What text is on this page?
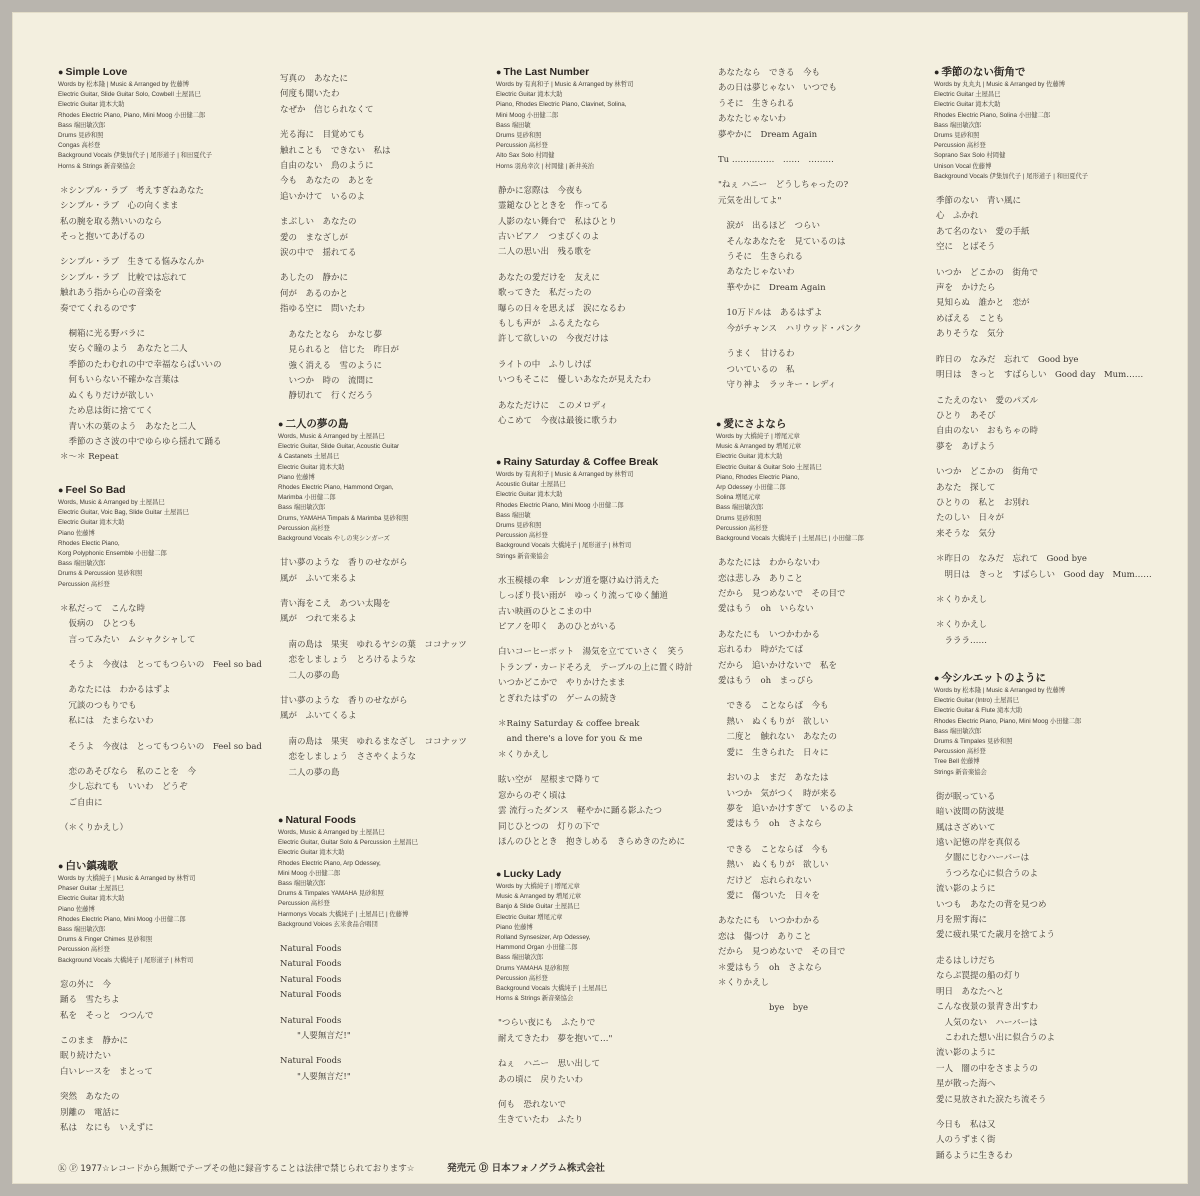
● Simple Love
Words by 松本隆 | Music & Arranged by 佐藤博
Electric Guitar, Slide Guitar Solo, Cowbell 土屋昌巳
Electric Guitar 滝本大助
Rhodes Electric Piano, Piano, Mini Moog 小田健二郎
Bass 端田敏次郎
Drums 見砂和照
Congas 高杉登
Background Vocals 伊集加代子 | 尾形道子 | 和田夏代子
Horns & Strings 新音楽協会
＊シンプル・ラブ　考えすぎねあなた
シンプル・ラブ　心の向くまま
私の腕を取る熱いいのなら
そっと抱いてあげるの
シンプル・ラブ　生きてる悩みなんか
シンプル・ラブ　比較では忘れて
触れあう指から心の音楽を
奏でてくれるのです
　桐箱に光る野バラに
　安らぐ瞳のよう　あなたと二人
　季節のたわむれの中で幸福ならばいいの
　何もいらない不確かな言葉は
　ぬくもりだけが欲しい
　ため息は街に捨ててく
　青い木の葉のよう　あなたと二人
　季節のささ波の中でゆらゆら揺れて踊る
＊〜＊ Repeat
● Feel So Bad
Words, Music & Arranged by 土屋昌巳
Electric Guitar, Voic Bag, Slide Guitar 土屋昌巳
Electric Guitar 滝本大助
Piano 佐藤博
Rhodes Electic Piano,
Korg Polyphonic Ensemble 小田健二郎
Bass 端田敏次郎
Drums & Percussion 見砂和照
Percussion 高杉登
＊私だって　こんな時
　仮病の　ひとつも
　言ってみたい　ムシャクシャして
　そうよ　今夜は　とってもつらいの　Feel so bad
　あなたには　わかるはずよ
　冗談のつもりでも
　私には　たまらないわ
　そうよ　今夜は　とってもつらいの　Feel so bad
　恋のあそびなら　私のことを　今
　少し忘れても　いいわ　どうぞ
　ご自由に
（＊くりかえし）
● 白い鎮魂歌
Words by 大橋純子 | Music & Arranged by 林哲司
Phaser Guitar 土屋昌巳
Electric Guitar 滝本大助
Piano 佐藤博
Rhodes Electric Piano, Mini Moog 小田健二郎
Bass 端田敏次郎
Drums & Finger Chimes 見砂和照
Percussion 高杉登
Background Vocals 大橋純子 | 尾形道子 | 林哲司
窓の外に　今
踊る　雪たちよ
私を　そっと　つつんで
このまま　静かに
眠り続けたい
白いレースを　まとって
突然　あなたの
別離の　電話に
私は　なにも　いえずに
写真の　あなたに
何度も聞いたわ
なぜか　信じられなくて
光る海に　目覚めても
触れことも　できない　私は
自由のない　鳥のように
今も　あなたの　あとを
追いかけて　いるのよ
まぶしい　あなたの
愛の　まなざしが
涙の中で　揺れてる
あしたの　静かに
何が　あるのかと
指ゆる空に　問いたわ
　あなたとなら　かなじ夢
　見られると　信じた　昨日が
　強く消える　雪のように
　いつか　時の　流間に
　静切れて　行くだろう
● 二人の夢の島
Words, Music & Arranged by 土屋昌巳
Electric Guitar, Slide Guitar, Acoustic Guitar
& Castanets 土屋昌巳
Electric Guitar 滝本大助
Piano 佐藤博
Rhodes Electric Piano, Hammond Organ,
Marimba 小田健二郎
Bass 端田敏次郎
Drums, YAMAHA Timpals & Marimba 見砂和照
Percussion 高杉登
Background Vocals やしの実シンガーズ
甘い夢のような　香りのせながら
風が　ふいて来るよ
青い海をこえ　あつい太陽を
風が　つれて来るよ
　南の島は　果実　ゆれるヤシの葉　ココナッツ
　恋をしましょう　とろけるような
　二人の夢の島
甘い夢のような　香りのせながら
風が　ふいてくるよ
　南の島は　果実　ゆれるまなざし　ココナッツ
　恋をしましょう　ささやくような
　二人の夢の島
● Natural Foods
Words, Music & Arranged by 土屋昌巳
Electric Guitar, Guitar Solo & Percussion 土屋昌巳
Electric Guitar 滝本大助
Rhodes Electric Piano, Arp Odessey,
Mini Moog 小田健二郎
Bass 端田敏次郎
Drums & Timpales YAMAHA 見砂和照
Percussion 高杉登
Harmonys Vocals 大橋純子 | 土屋昌巳 | 佐藤博
Background Voices 玄米食品合唱団
Natural Foods
Natural Foods
Natural Foods
Natural Foods
Natural Foods
　　"人要無言だ!"
Natural Foods
　　"人要無言だ!"
● The Last Number
Words by 有真和子 | Music & Arranged by 林哲司
Electric Guitar 滝本大助
Piano, Rhodes Electric Piano, Clavinet, Solina,
Mini Moog 小田健二郎
Bass 端田敏
Drums 見砂和照
Percussion 高杉登
Alto Sax Solo 村岡健
Horns 羽鳥幸次 | 村岡健 | 新井英治
静かに窓際は　今夜も
霊鎚なひとときを　作ってる
人影のない舞台で　私はひとり
古いピアノ　つまびくのよ
二人の思い出　残る歌を
あなたの愛だけを　友えに
歌ってきた　私だったの
曝らの日々を思えば　涙になるわ
もしも声が　ふるえたなら
許して欲しいの　今夜だけは
ライトの中　ふりしけば
いつもそこに　優しいあなたが見えたわ
あなただけに　このメロディ
心こめて　今夜は最後に歌うわ
● Rainy Saturday & Coffee Break
Words by 有真和子 | Music & Arranged by 林哲司
Acoustic Guitar 土屋昌巳
Electric Guitar 滝本大助
Rhodes Electric Piano, Mini Moog 小田健二郎
Bass 端田敏
Drums 見砂和照
Percussion 高杉登
Background Vocals 大橋純子 | 尾形道子 | 林哲司
Strings 新音楽協会
水玉模様の傘　レンガ道を駆けぬけ消えた
しっぽり長い雨が　ゆっくり流ってゆく舗道
古い映画のひとこまの中
ピアノを叩く　あのひとがいる
白いコーヒーポット　湯気を立てていさく　笑う
トランプ・カードそろえ　テーブルの上に置く時計
いつかどこかで　やりかけたまま
とぎれたはずの　ゲームの続き
＊Rainy Saturday & coffee break
　and there's a love for you & me
＊くりかえし
眩い空が　屋根まで降りて
窓からのぞく頃は
雲 流行ったダンス　軽やかに踊る影ふたつ
同じひとつの　灯りの下で
ほんのひととき　抱きしめる　きらめきのために
● Lucky Lady
Words by 大橋純子 | 増尾元章
Music & Arranged by 増尾元章
Banjo & Slide Guitar 土屋昌巳
Electric Guitar 増尾元章
Piano 佐藤博
Rolland Synsesizer, Arp Odessey,
Hammond Organ 小田健二郎
Bass 端田敏次郎
Drums YAMAHA 見砂和照
Percussion 高杉登
Background Vocals 大橋純子 | 土屋昌巳
Horns & Strings 新音楽協会
"つらい夜にも　ふたりで
耐えてきたわ　夢を抱いて…"
ねぇ　ハニー　思い出して
あの頃に　戻りたいわ
何も　恐れないで
生きていたわ　ふたり
あなたなら　できる　今も
あの日は夢じゃない　いつでも
うそに　生きられる
あなたじゃないわ
夢やかに　Dream Again
Tu ……………　……　………
"ねぇ ハニー　どうしちゃったの?
元気を出してよ"
　涙が　出るほど　つらい
　そんなあなたを　見ているのは
　うそに　生きられる
　あなたじゃないわ
　華やかに　Dream Again
　10万ドルは　あるはずよ
　今がチャンス　ハリウッド・パンク
　うまく　甘けるわ
　ついているの　私
　守り神よ　ラッキー・レディ
● 愛にさよなら
Words by 大橋純子 | 増尾元章
Music & Arranged by 増尾元章
Electric Guitar 滝本大助
Electric Guitar & Guitar Solo 土屋昌巳
Piano, Rhodes Electric Piano,
Arp Odessey 小田健二郎
Solina 増尾元章
Bass 端田敏次郎
Drums 見砂和照
Percussion 高杉登
Background Vocals 大橋純子 | 土屋昌巳 | 小田健二郎
あなたには　わからないわ
恋は悲しみ　ありこと
だから　見つめないで　その目で
愛はもう　oh　いらない
あなたにも　いつかわかる
忘れるわ　時がたてば
だから　追いかけないで　私を
愛はもう　oh　まっぴら
　できる　ことならば　今も
　熱い　ぬくもりが　欲しい
　二度と　触れない　あなたの
　愛に　生きられた　日々に
　おいのよ　まだ　あなたは
　いつか　気がつく　時が来る
　夢を　追いかけすぎて　いるのよ
　愛はもう　oh　さよなら
　できる　ことならば　今も
　熱い　ぬくもりが　欲しい
　だけど　忘れられない
　愛に　傷ついた　日々を
あなたにも　いつかわかる
恋は　傷つけ　ありこと
だから　見つめないで　その目で
＊愛はもう　oh　さよなら
＊くりかえし
　　　　　　bye　bye
● 季節のない街角で
Words by 丸丸丸 | Music & Arranged by 佐藤博
Electric Guitar 土屋昌巳
Electric Guitar 滝本大助
Rhodes Electric Piano, Solina 小田健二郎
Bass 端田敏次郎
Drums 見砂和照
Percussion 高杉登
Soprano Sax Solo 村岡健
Unison Vocal 佐藤博
Background Vocals 伊集加代子 | 尾形道子 | 和田夏代子
季節のない　青い風に
心　ふかれ
あて名のない　愛の手紙
空に　とばそう
いつか　どこかの　街角で
声を　かけたら
見知らぬ　誰かと　恋が
めばえる　ことも
ありそうな　気分
昨日の　なみだ　忘れて　Good bye
明日は　きっと　すばらしい　Good day　Mum……
こたえのない　愛のパズル
ひとり　あそび
自由のない　おもちゃの時
夢を　あげよう
いつか　どこかの　街角で
あなた　探して
ひとりの　私と　お別れ
たのしい　日々が
来そうな　気分
＊昨日の　なみだ　忘れて　Good bye
　明日は　きっと　すばらしい　Good day　Mum……
＊くりかえし
＊くりかえし
　ラララ……
● 今シルエットのように
Words by 松本隆 | Music & Arranged by 佐藤博
Electric Guitar (Intro) 土屋昌巳
Electric Guitar & Flute 滝本大助
Rhodes Electric Piano, Piano, Mini Moog 小田健二郎
Bass 端田敏次郎
Drums & Timpales 見砂和照
Percussion 高杉登
Tree Bell 佐藤博
Strings 新音楽協会
街が眠っている
暗い波間の防波堤
風はさざめいて
遠い記憶の岸を真似る
　夕闇にじむハーバーは
　うつろな心に似合うのよ
流い影のように
いつも　あなたの背を見つめ
月を照す海に
愛に疲れ果てた歳月を捨てよう
走るはしけだち
ならぶ罠提の船の灯り
明日　あなたへと
こんな夜景の景青き出すわ
　人気のない　ハーバーは
　こわれた想い出に似合うのよ
流い影のように
一人　闇の中をさまようの
星が散った海へ
愛に見放された涙たち流そう
今日も　私は又
人のうずまく街
踊るように生きるわ
Ⓚ Ⓟ 1977☆レコードから無断でテープその他に録音することは法律で禁じられております☆	発売元 Ⓓ 日本フォノグラム株式会社
